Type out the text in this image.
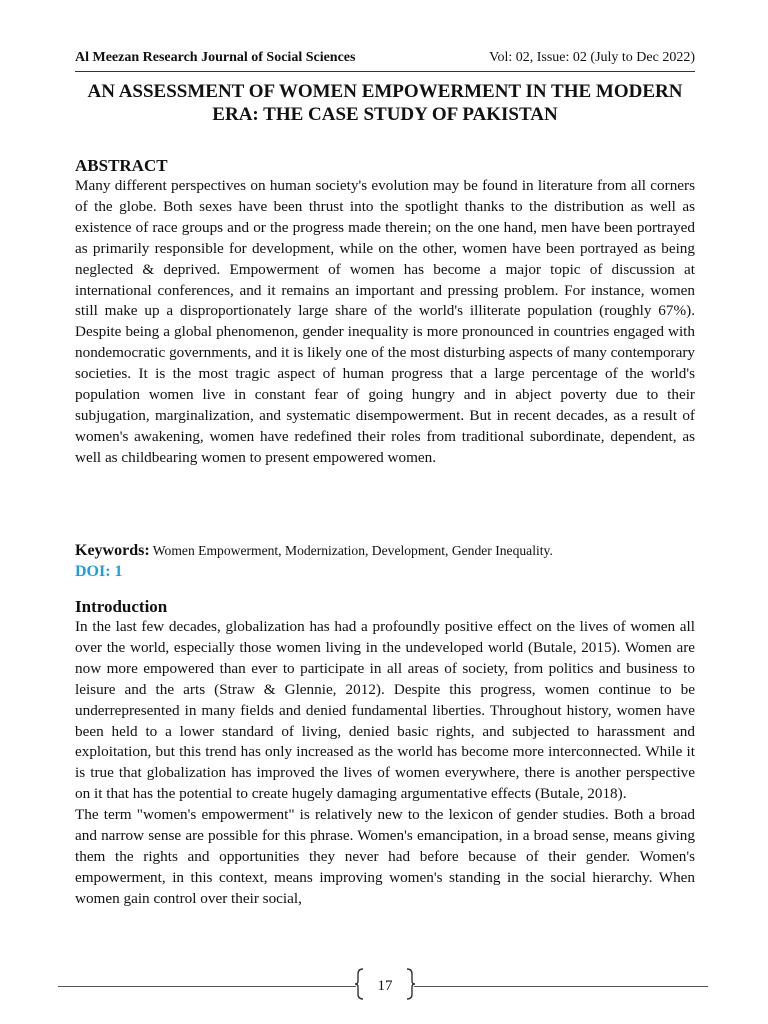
Al Meezan Research Journal of Social Sciences	Vol: 02, Issue: 02 (July to Dec 2022)
AN ASSESSMENT OF WOMEN EMPOWERMENT IN THE MODERN ERA: THE CASE STUDY OF PAKISTAN
ABSTRACT
Many different perspectives on human society's evolution may be found in literature from all corners of the globe. Both sexes have been thrust into the spotlight thanks to the distribution as well as existence of race groups and or the progress made therein; on the one hand, men have been portrayed as primarily responsible for development, while on the other, women have been portrayed as being neglected & deprived. Empowerment of women has become a major topic of discussion at international conferences, and it remains an important and pressing problem. For instance, women still make up a disproportionately large share of the world's illiterate population (roughly 67%). Despite being a global phenomenon, gender inequality is more pronounced in countries engaged with nondemocratic governments, and it is likely one of the most disturbing aspects of many contemporary societies. It is the most tragic aspect of human progress that a large percentage of the world's population women live in constant fear of going hungry and in abject poverty due to their subjugation, marginalization, and systematic disempowerment. But in recent decades, as a result of women's awakening, women have redefined their roles from traditional subordinate, dependent, as well as childbearing women to present empowered women.
Keywords: Women Empowerment, Modernization, Development, Gender Inequality.
DOI: 1
Introduction

In the last few decades, globalization has had a profoundly positive effect on the lives of women all over the world, especially those women living in the undeveloped world (Butale, 2015). Women are now more empowered than ever to participate in all areas of society, from politics and business to leisure and the arts (Straw & Glennie, 2012). Despite this progress, women continue to be underrepresented in many fields and denied fundamental liberties. Throughout history, women have been held to a lower standard of living, denied basic rights, and subjected to harassment and exploitation, but this trend has only increased as the world has become more interconnected. While it is true that globalization has improved the lives of women everywhere, there is another perspective on it that has the potential to create hugely damaging argumentative effects (Butale, 2018).

The term "women's empowerment" is relatively new to the lexicon of gender studies. Both a broad and narrow sense are possible for this phrase. Women's emancipation, in a broad sense, means giving them the rights and opportunities they never had before because of their gender. Women's empowerment, in this context, means improving women's standing in the social hierarchy. When women gain control over their social,

17
